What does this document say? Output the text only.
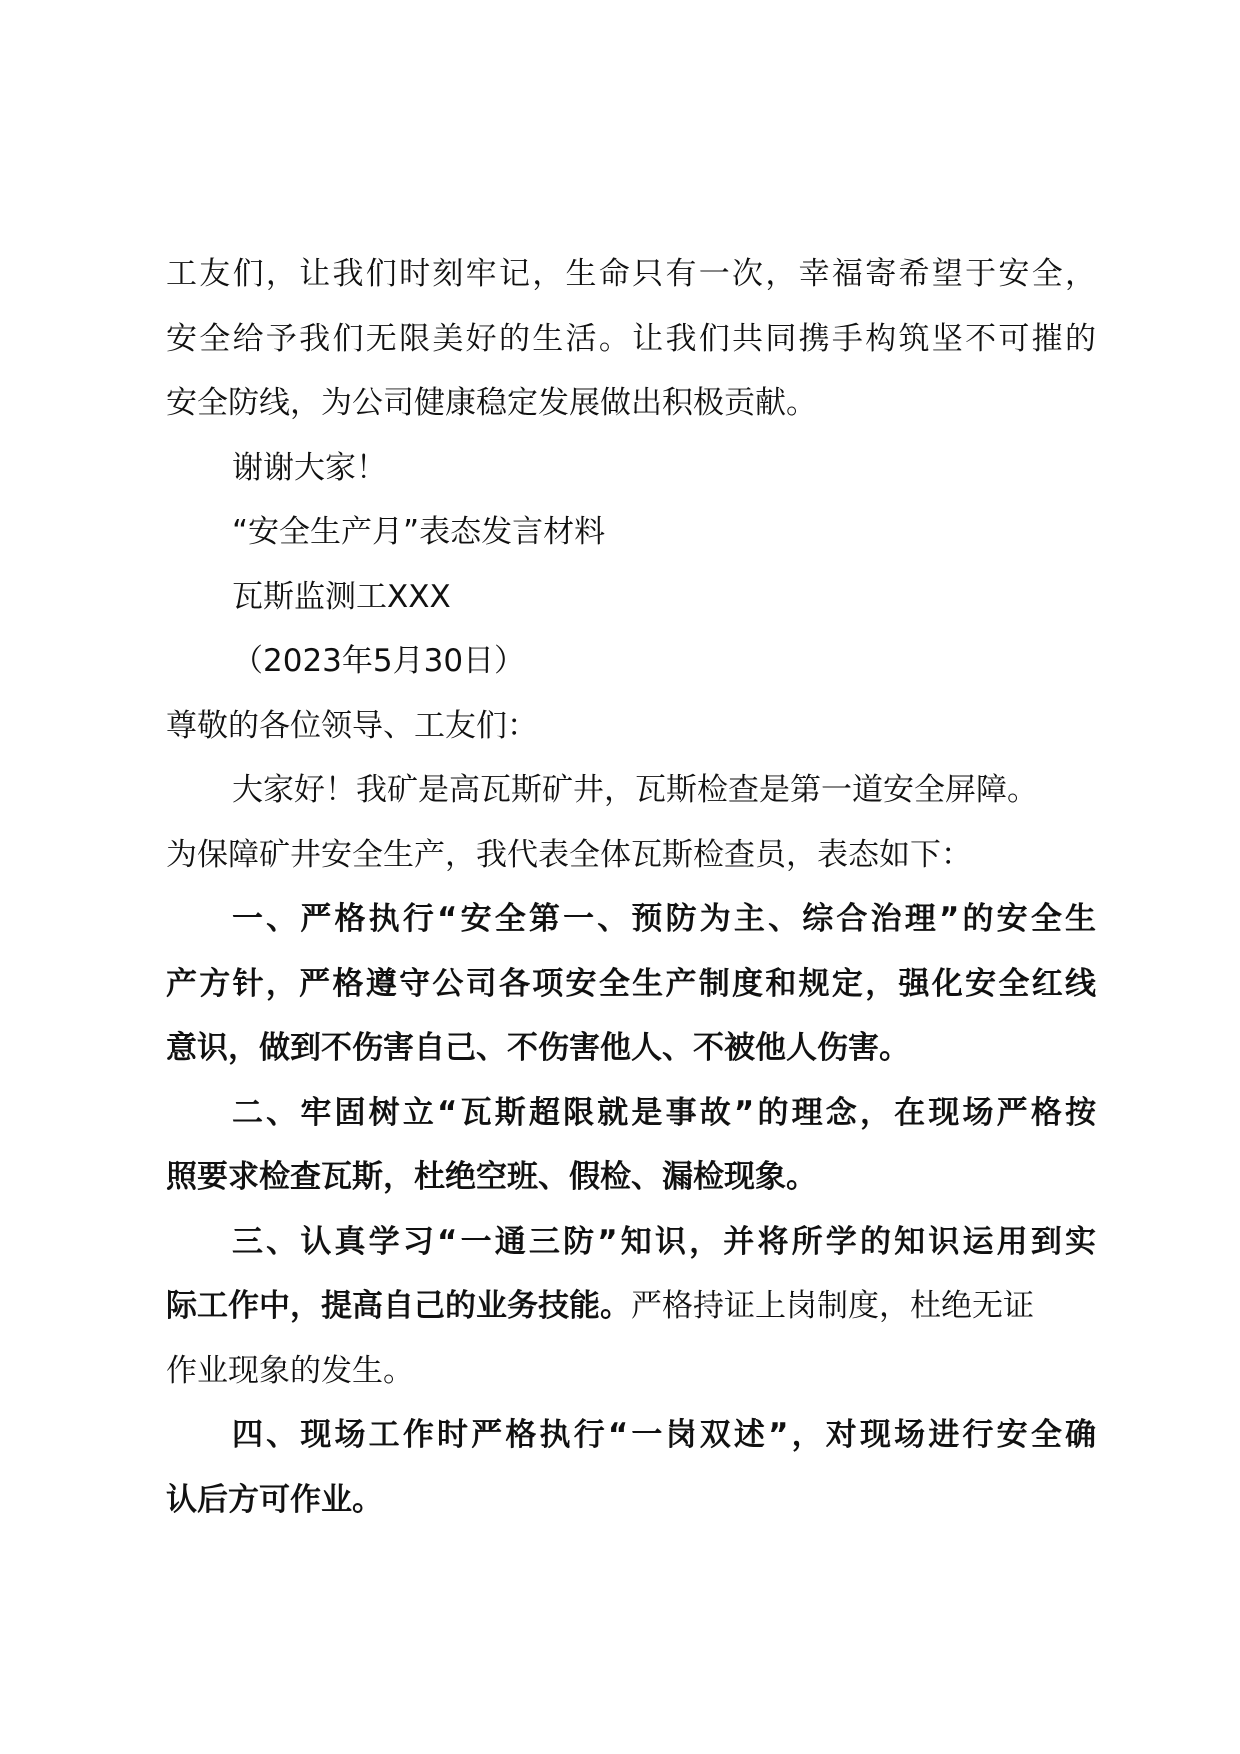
工友们，让我们时刻牢记，生命只有一次，幸福寄希望于安全，
安全给予我们无限美好的生活。让我们共同携手构筑坚不可摧的
安全防线，为公司健康稳定发展做出积极贡献。
谢谢大家！
“安全生产月”表态发言材料
瓦斯监测工XXX
（2023年5月30日）
尊敬的各位领导、工友们：
大家好！我矿是高瓦斯矿井，瓦斯检查是第一道安全屏障。
为保障矿井安全生产，我代表全体瓦斯检查员，表态如下：
一、严格执行“安全第一、预防为主、综合治理”的安全生
产方针，严格遵守公司各项安全生产制度和规定，强化安全红线
意识，做到不伤害自己、不伤害他人、不被他人伤害。
二、牢固树立“瓦斯超限就是事故”的理念，在现场严格按
照要求检查瓦斯，杜绝空班、假检、漏检现象。
三、认真学习“一通三防”知识，并将所学的知识运用到实
际工作中，提高自己的业务技能。严格持证上岗制度，杜绝无证
作业现象的发生。
四、现场工作时严格执行“一岗双述”，对现场进行安全确
认后方可作业。
